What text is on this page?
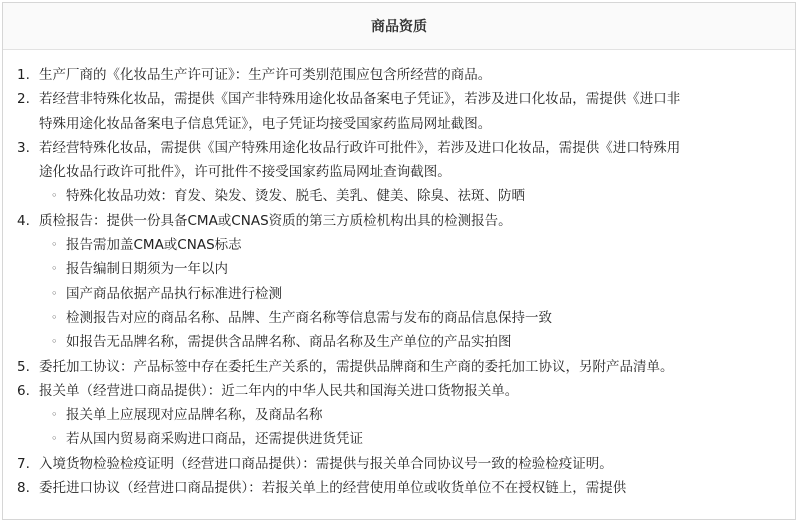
商品资质
1. 生产厂商的《化妆品生产许可证》：生产许可类别范围应包含所经营的商品。
2. 若经营非特殊化妆品，需提供《国产非特殊用途化妆品备案电子凭证》，若涉及进口化妆品，需提供《进口非
特殊用途化妆品备案电子信息凭证》，电子凭证均接受国家药监局网址截图。
3. 若经营特殊化妆品，需提供《国产特殊用途化妆品行政许可批件》，若涉及进口化妆品，需提供《进口特殊用
途化妆品行政许可批件》，许可批件不接受国家药监局网址查询截图。
◦ 特殊化妆品功效：育发、染发、烫发、脱毛、美乳、健美、除臭、祛斑、防晒
4. 质检报告：提供一份具备CMA或CNAS资质的第三方质检机构出具的检测报告。
◦ 报告需加盖CMA或CNAS标志
◦ 报告编制日期须为一年以内
◦ 国产商品依据产品执行标准进行检测
◦ 检测报告对应的商品名称、品牌、生产商名称等信息需与发布的商品信息保持一致
◦ 如报告无品牌名称，需提供含品牌名称、商品名称及生产单位的产品实拍图
5. 委托加工协议：产品标签中存在委托生产关系的，需提供品牌商和生产商的委托加工协议，另附产品清单。
6. 报关单（经营进口商品提供）：近二年内的中华人民共和国海关进口货物报关单。
◦ 报关单上应展现对应品牌名称，及商品名称
◦ 若从国内贸易商采购进口商品，还需提供进货凭证
7. 入境货物检验检疫证明（经营进口商品提供）：需提供与报关单合同协议号一致的检验检疫证明。
8. 委托进口协议（经营进口商品提供）：若报关单上的经营使用单位或收货单位不在授权链上，需提供
